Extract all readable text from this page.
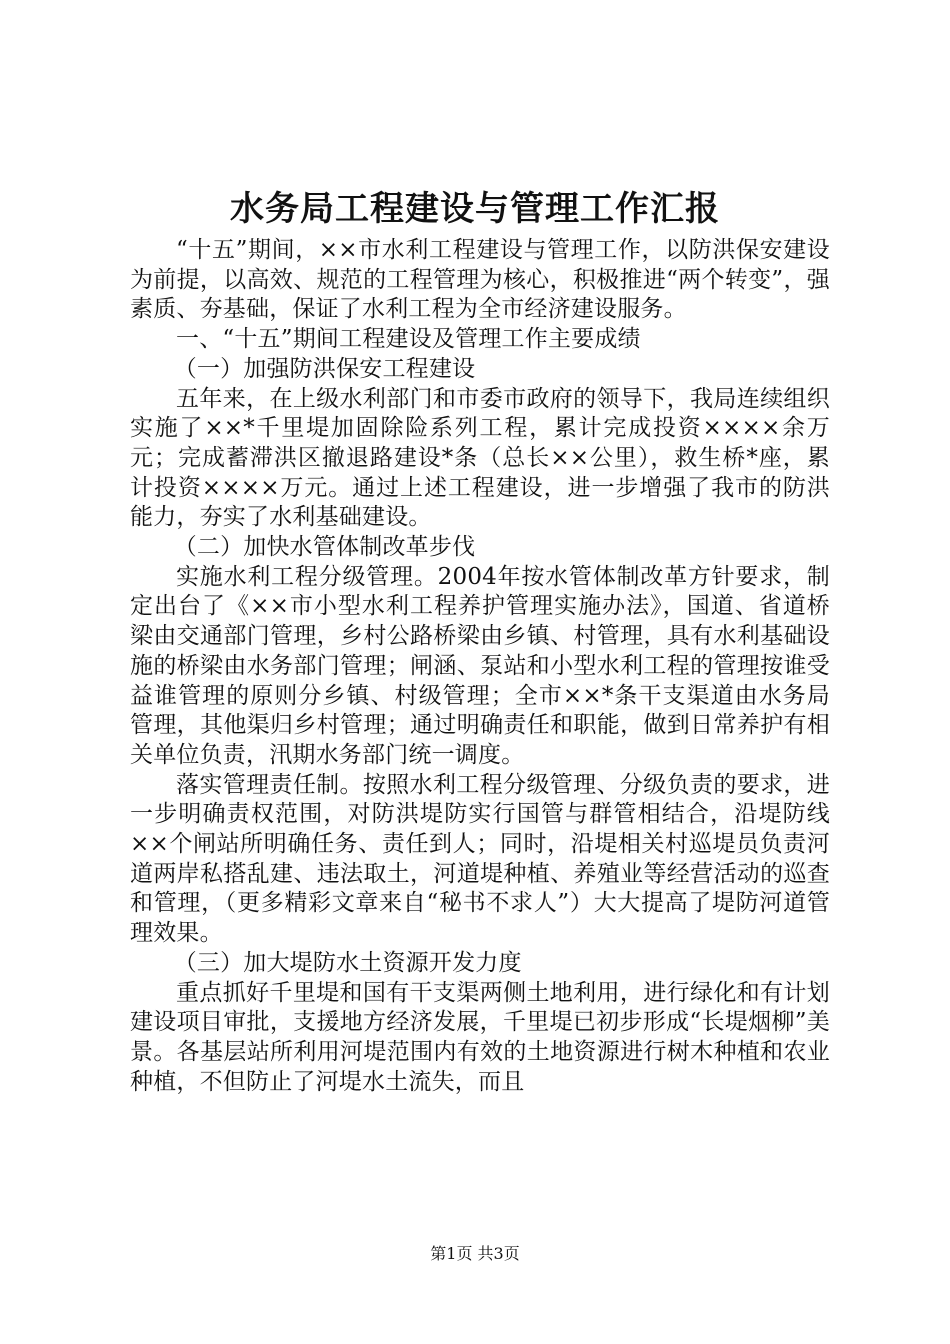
水务局工程建设与管理工作汇报

“十五”期间，××市水利工程建设与管理工作，以防洪保安建设为前提，以高效、规范的工程管理为核心，积极推进“两个转变”，强素质、夯基础，保证了水利工程为全市经济建设服务。

一、“十五”期间工程建设及管理工作主要成绩

（一）加强防洪保安工程建设

五年来，在上级水利部门和市委市政府的领导下，我局连续组织实施了××*千里堤加固除险系列工程，累计完成投资××××余万元；完成蓄滞洪区撤退路建设*条（总长××公里），救生桥*座，累计投资××××万元。通过上述工程建设，进一步增强了我市的防洪能力，夯实了水利基础建设。

（二）加快水管体制改革步伐

实施水利工程分级管理。2004年按水管体制改革方针要求，制定出台了《××市小型水利工程养护管理实施办法》，国道、省道桥梁由交通部门管理，乡村公路桥梁由乡镇、村管理，具有水利基础设施的桥梁由水务部门管理；闸涵、泵站和小型水利工程的管理按谁受益谁管理的原则分乡镇、村级管理；全市××*条干支渠道由水务局管理，其他渠归乡村管理；通过明确责任和职能，做到日常养护有相关单位负责，汛期水务部门统一调度。

落实管理责任制。按照水利工程分级管理、分级负责的要求，进一步明确责权范围，对防洪堤防实行国管与群管相结合，沿堤防线××个闸站所明确任务、责任到人；同时，沿堤相关村巡堤员负责河道两岸私搭乱建、违法取土，河道堤种植、养殖业等经营活动的巡查和管理，（更多精彩文章来自“秘书不求人”）大大提高了堤防河道管理效果。

（三）加大堤防水土资源开发力度

重点抓好千里堤和国有干支渠两侧土地利用，进行绿化和有计划建设项目审批，支援地方经济发展，千里堤已初步形成“长堤烟柳”美景。各基层站所利用河堤范围内有效的土地资源进行树木种植和农业种植，不但防止了河堤水土流失，而且

第1页 共3页
